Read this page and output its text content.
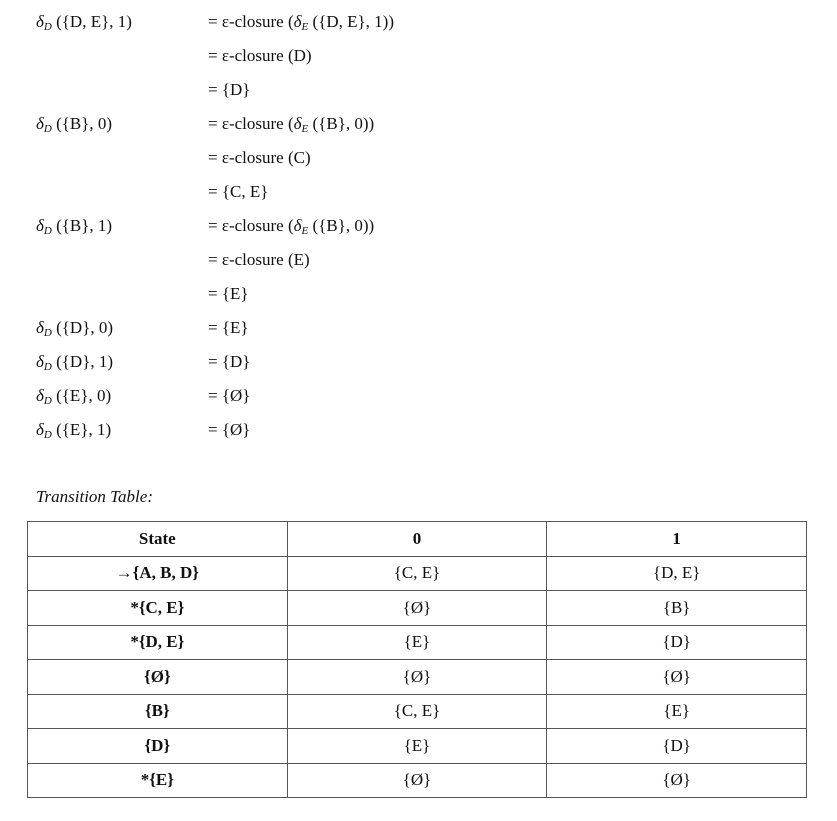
$\delta_D$ ({D, E}, 1)	= ε-closure ($\delta_E$ ({D, E}, 1))
= ε-closure (D)
= {D}
$\delta_D$ ({B}, 0)	= ε-closure ($\delta_E$ ({B}, 0))
= ε-closure (C)
= {C, E}
$\delta_D$ ({B}, 1)	= ε-closure ($\delta_E$ ({B}, 0))
= ε-closure (E)
= {E}
$\delta_D$ ({D}, 0)	= {E}
$\delta_D$ ({D}, 1)	= {D}
$\delta_D$ ({E}, 0)	= {Ø}
$\delta_D$ ({E}, 1)	= {Ø}
Transition Table:
State	0	1
→{A, B, D}	{C, E}	{D, E}
*{C, E}	{Ø}	{B}
*{D, E}	{E}	{D}
{Ø}	{Ø}	{Ø}
{B}	{C, E}	{E}
{D}	{E}	{D}
*{E}	{Ø}	{Ø}
